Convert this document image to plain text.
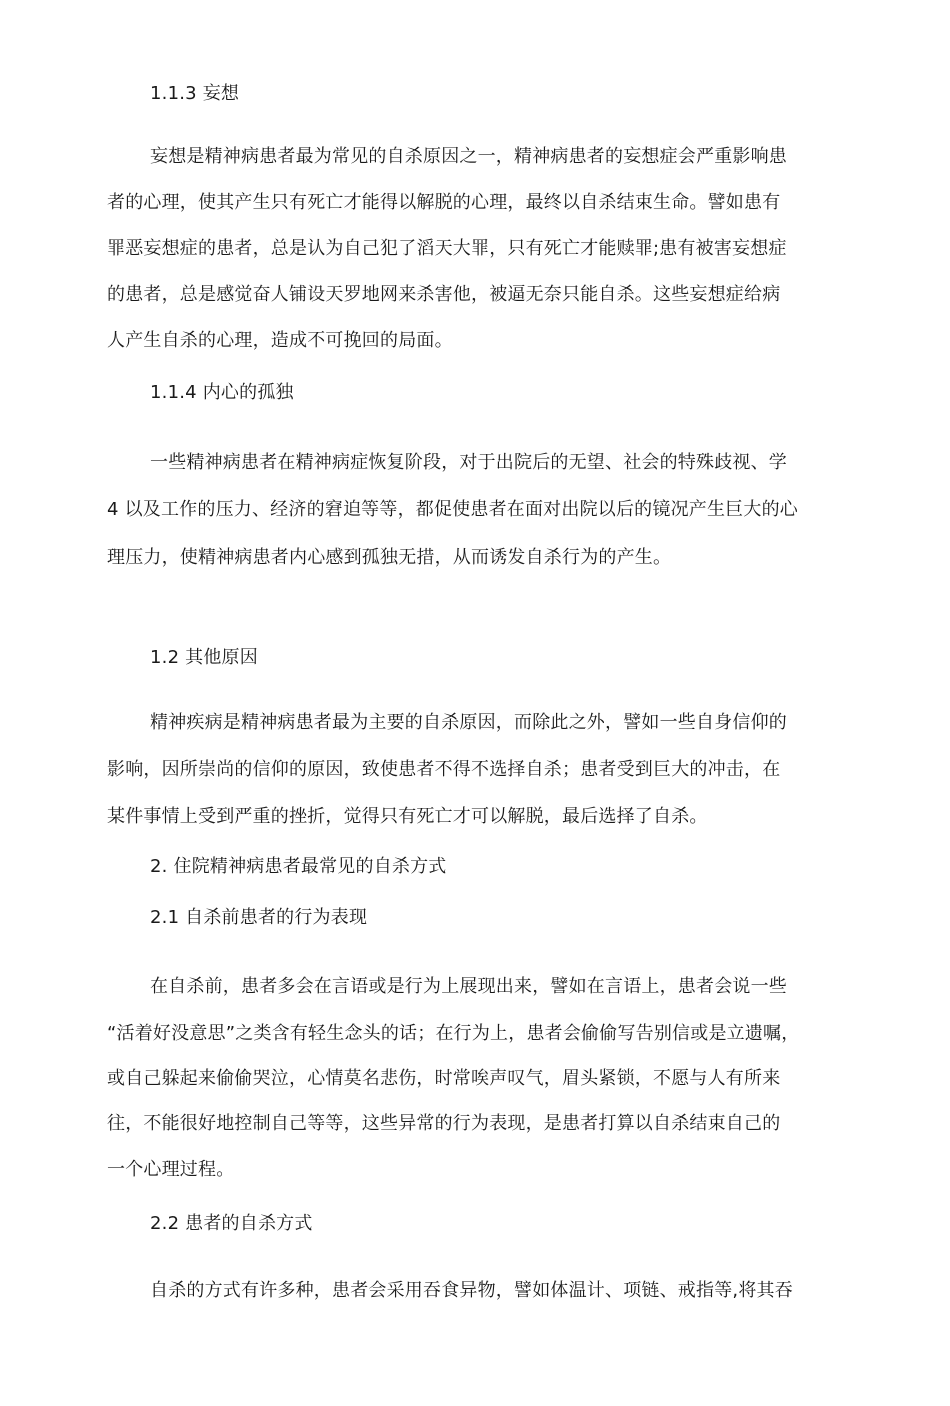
1.1.3 妄想
妄想是精神病患者最为常见的自杀原因之一，精神病患者的妄想症会严重影响患
者的心理，使其产生只有死亡才能得以解脱的心理，最终以自杀结束生命。譬如患有
罪恶妄想症的患者，总是认为自己犯了滔天大罪，只有死亡才能赎罪;患有被害妄想症
的患者，总是感觉奋人铺设天罗地网来杀害他，被逼无奈只能自杀。这些妄想症给病
人产生自杀的心理，造成不可挽回的局面。
1.1.4 内心的孤独
一些精神病患者在精神病症恢复阶段，对于出院后的无望、社会的特殊歧视、学
4 以及工作的压力、经济的窘迫等等，都促使患者在面对出院以后的镜况产生巨大的心
理压力，使精神病患者内心感到孤独无措，从而诱发自杀行为的产生。
1.2 其他原因
精神疾病是精神病患者最为主要的自杀原因，而除此之外，譬如一些自身信仰的
影响，因所崇尚的信仰的原因，致使患者不得不选择自杀；患者受到巨大的冲击，在
某件事情上受到严重的挫折，觉得只有死亡才可以解脱，最后选择了自杀。
2. 住院精神病患者最常见的自杀方式
2.1 自杀前患者的行为表现
在自杀前，患者多会在言语或是行为上展现出来，譬如在言语上，患者会说一些
“活着好没意思”之类含有轻生念头的话；在行为上，患者会偷偷写告别信或是立遗嘱，
或自己躲起来偷偷哭泣，心情莫名悲伤，时常唉声叹气，眉头紧锁，不愿与人有所来
往，不能很好地控制自己等等，这些异常的行为表现，是患者打算以自杀结束自己的
一个心理过程。
2.2 患者的自杀方式
自杀的方式有许多种，患者会采用吞食异物，譬如体温计、项链、戒指等,将其吞
